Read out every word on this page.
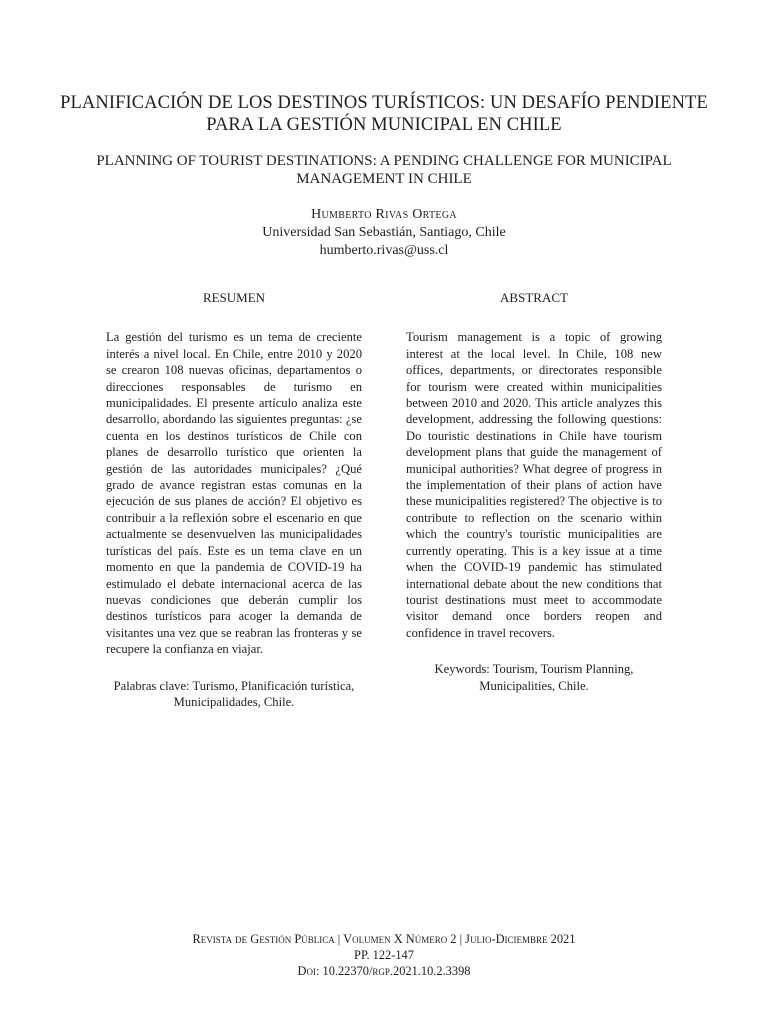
PLANIFICACIÓN DE LOS DESTINOS TURÍSTICOS: UN DESAFÍO PENDIENTE PARA LA GESTIÓN MUNICIPAL EN CHILE
PLANNING OF TOURIST DESTINATIONS: A PENDING CHALLENGE FOR MUNICIPAL MANAGEMENT IN CHILE
Humberto Rivas Ortega
Universidad San Sebastián, Santiago, Chile
humberto.rivas@uss.cl
RESUMEN

La gestión del turismo es un tema de creciente interés a nivel local. En Chile, entre 2010 y 2020 se crearon 108 nuevas oficinas, departamentos o direcciones responsables de turismo en municipalidades. El presente artículo analiza este desarrollo, abordando las siguientes preguntas: ¿se cuenta en los destinos turísticos de Chile con planes de desarrollo turístico que orienten la gestión de las autoridades municipales? ¿Qué grado de avance registran estas comunas en la ejecución de sus planes de acción? El objetivo es contribuir a la reflexión sobre el escenario en que actualmente se desenvuelven las municipalidades turísticas del país. Este es un tema clave en un momento en que la pandemia de COVID-19 ha estimulado el debate internacional acerca de las nuevas condiciones que deberán cumplir los destinos turísticos para acoger la demanda de visitantes una vez que se reabran las fronteras y se recupere la confianza en viajar.

Palabras clave: Turismo, Planificación turística, Municipalidades, Chile.
ABSTRACT

Tourism management is a topic of growing interest at the local level. In Chile, 108 new offices, departments, or directorates responsible for tourism were created within municipalities between 2010 and 2020. This article analyzes this development, addressing the following questions: Do touristic destinations in Chile have tourism development plans that guide the management of municipal authorities? What degree of progress in the implementation of their plans of action have these municipalities registered? The objective is to contribute to reflection on the scenario within which the country's touristic municipalities are currently operating. This is a key issue at a time when the COVID-19 pandemic has stimulated international debate about the new conditions that tourist destinations must meet to accommodate visitor demand once borders reopen and confidence in travel recovers.

Keywords: Tourism, Tourism Planning, Municipalities, Chile.
Revista de Gestión Pública | Volumen X Número 2 | Julio-Diciembre 2021
PP. 122-147
Doi: 10.22370/rgp.2021.10.2.3398
